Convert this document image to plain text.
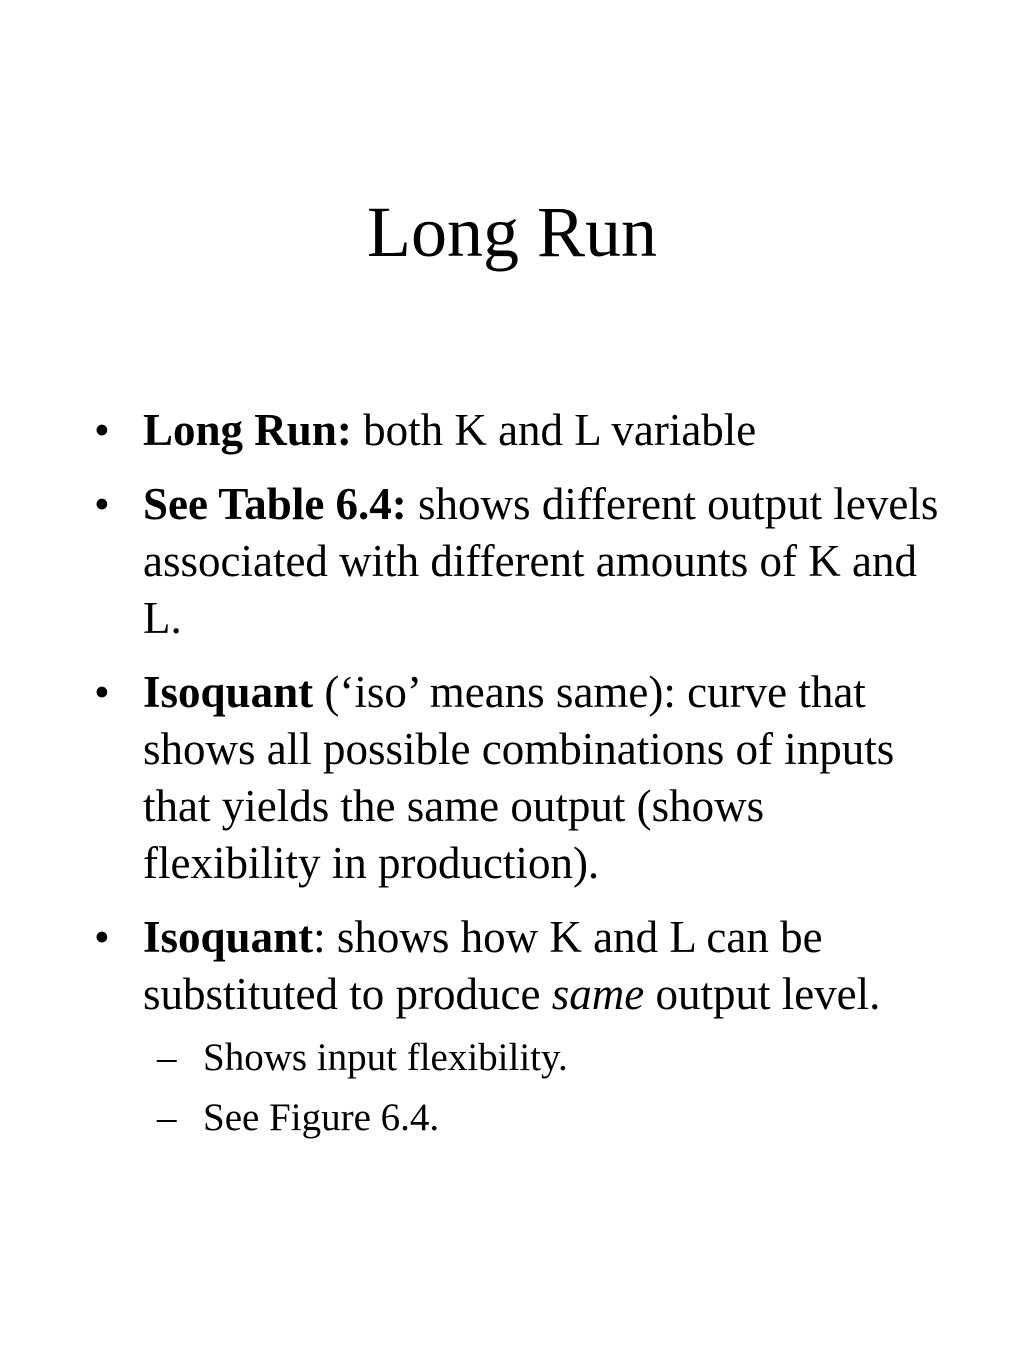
Long Run
• Long Run: both K and L variable
• See Table 6.4: shows different output levels associated with different amounts of K and L.
• Isoquant (‘iso’ means same): curve that shows all possible combinations of inputs that yields the same output (shows flexibility in production).
• Isoquant: shows how K and L can be substituted to produce same output level.
– Shows input flexibility.
– See Figure 6.4.
